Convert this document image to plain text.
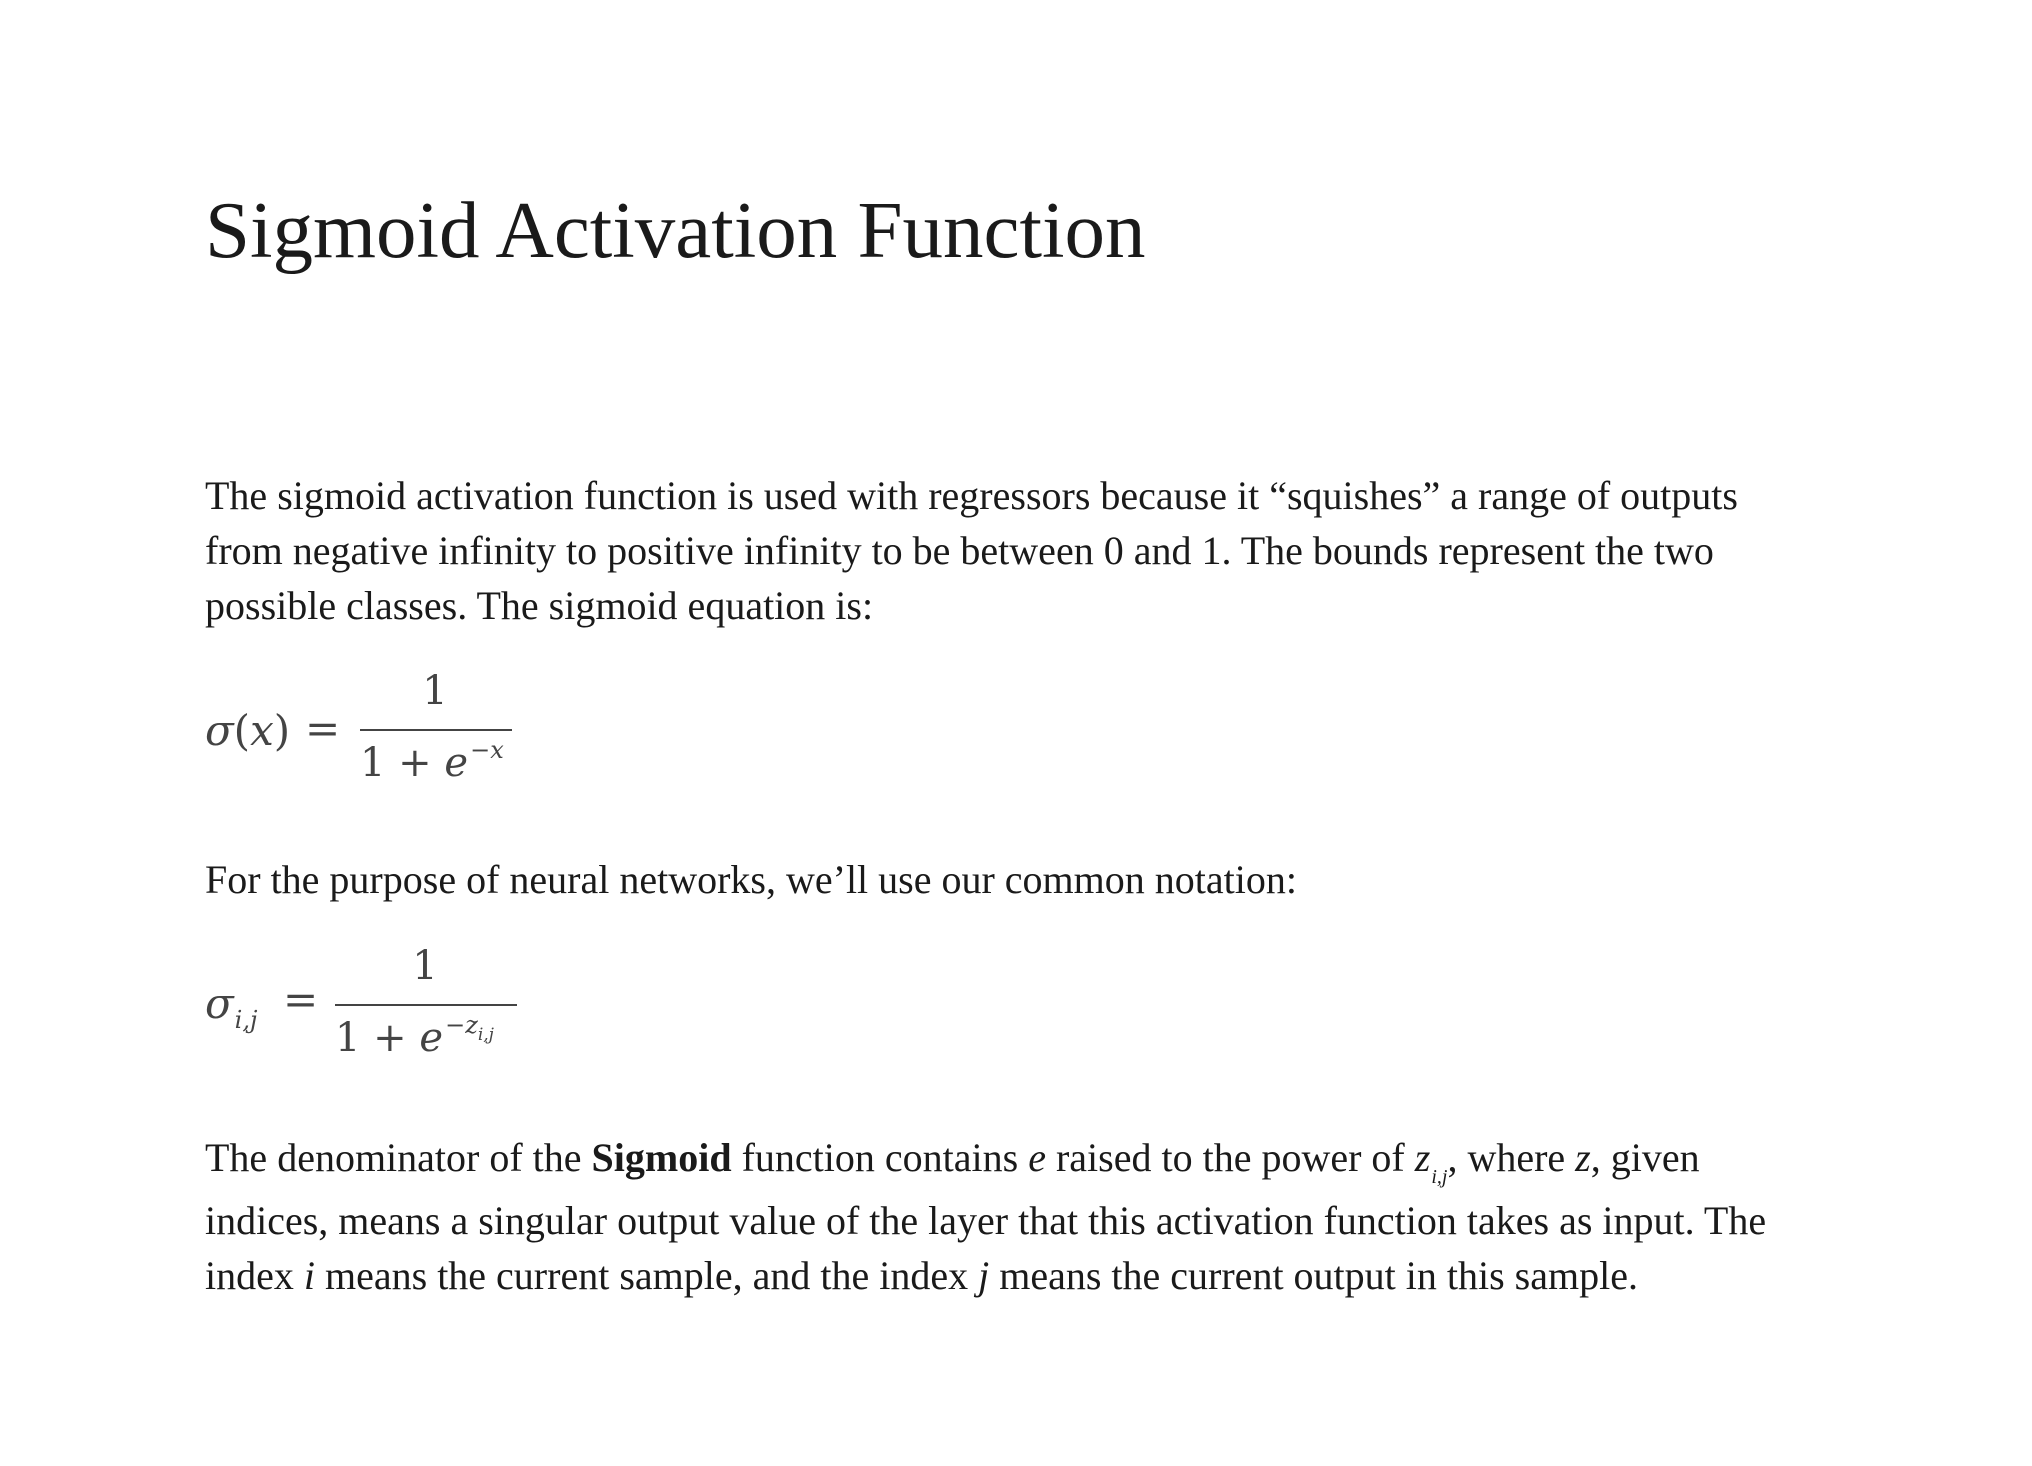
Sigmoid Activation Function

The sigmoid activation function is used with regressors because it “squishes” a range of outputs
from negative infinity to positive infinity to be between 0 and 1. The bounds represent the two
possible classes. The sigmoid equation is:

σ(x) =
1
$1 + e^{-x}$

For the purpose of neural networks, we’ll use our common notation:

$\sigma_{i,j}$ =
1
$1 + e^{-z_{i,j}}$

The denominator of the Sigmoid function contains e raised to the power of $z_{i,j}$, where z, given
indices, means a singular output value of the layer that this activation function takes as input. The
index i means the current sample, and the index j means the current output in this sample.
